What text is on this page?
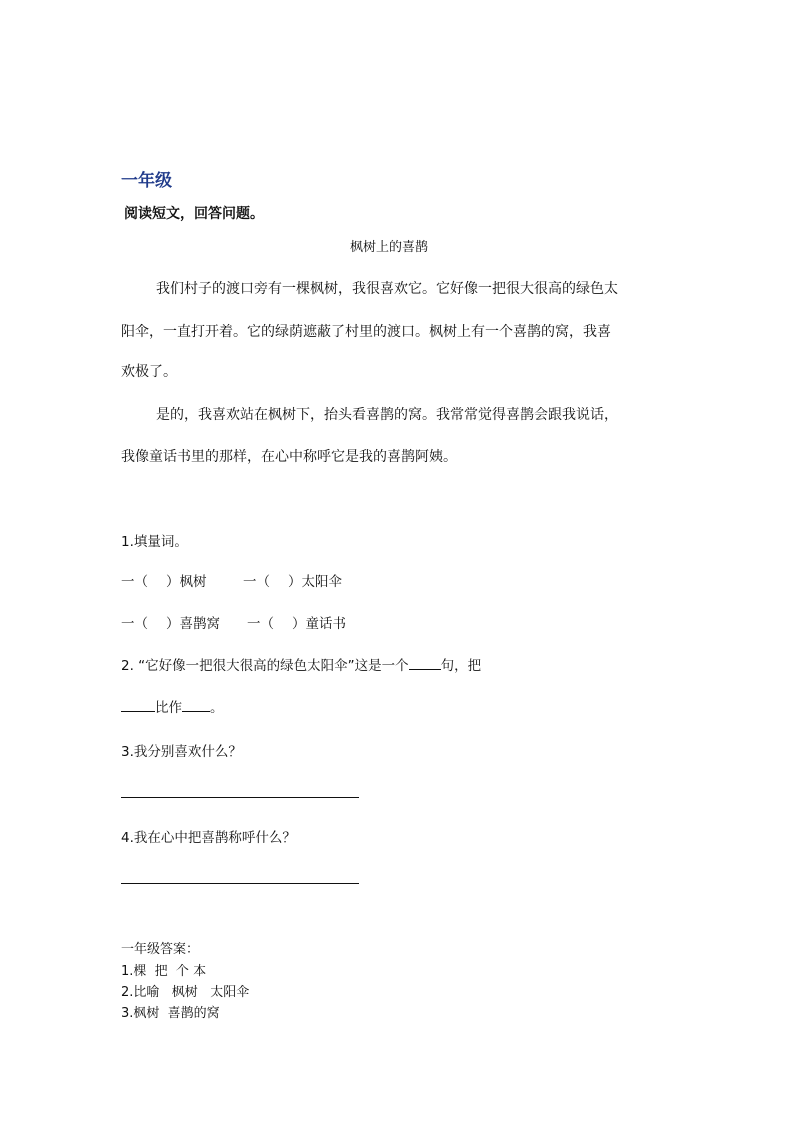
一年级
阅读短文，回答问题。
枫树上的喜鹊
我们村子的渡口旁有一棵枫树，我很喜欢它。它好像一把很大很高的绿色太
阳伞，一直打开着。它的绿荫遮蔽了村里的渡口。枫树上有一个喜鹊的窝，我喜
欢极了。
是的，我喜欢站在枫树下，抬头看喜鹊的窝。我常常觉得喜鹊会跟我说话，
我像童话书里的那样，在心中称呼它是我的喜鹊阿姨。
1.填量词。
一（ ）枫树	一（ ）太阳伞
一（ ）喜鹊窝 一（ ）童话书
2. “它好像一把很大很高的绿色太阳伞”这是一个 句，把
比作 。
3.我分别喜欢什么？
4.我在心中把喜鹊称呼什么？
一年级答案：
1.棵  把  个 本
2.比喻   枫树   太阳伞
3.枫树  喜鹊的窝
